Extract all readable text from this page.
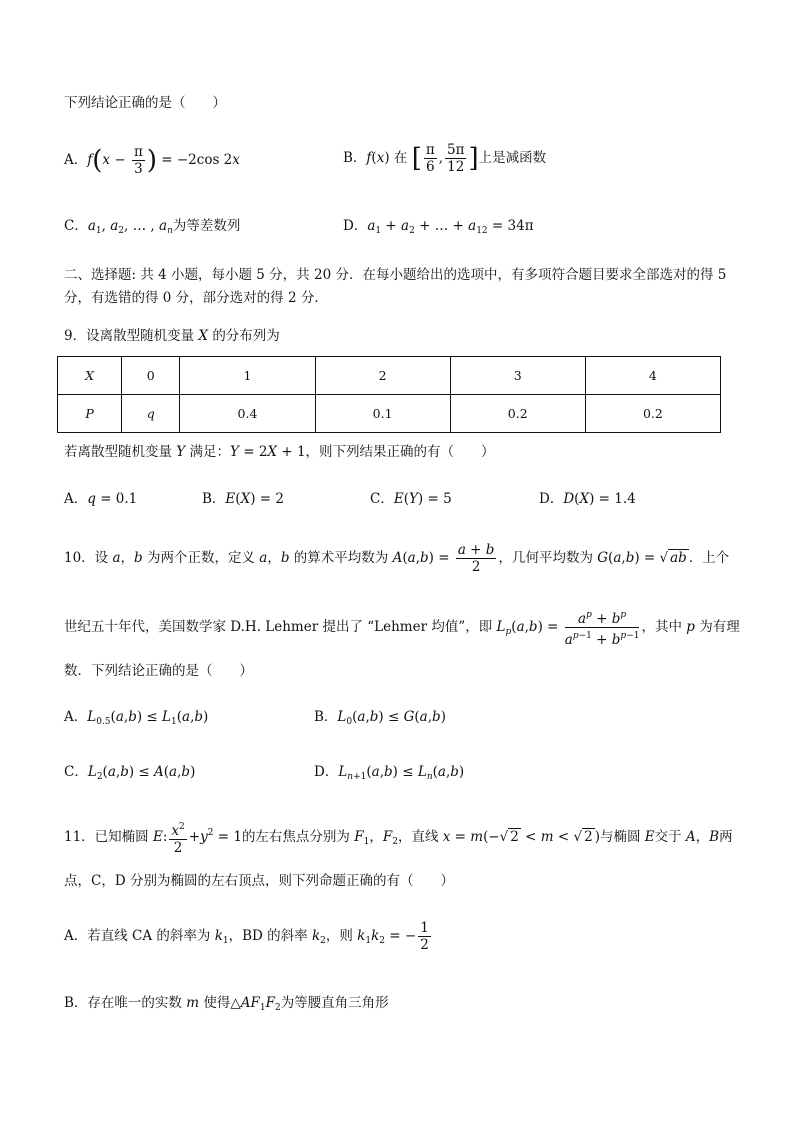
下列结论正确的是（　　）
A．$f(x - \frac{\pi}{3}$ ) = −2cos 2x	B．f(x) 在 [ $\frac{\pi}{6}$ , $\frac{5\pi}{12}$ ]上是减函数
C．$a_1$, $a_2$, … , $a_n$为等差数列	D．$a_1 + a_2$ + … + $a_{12} = 34\pi$
二、选择题: 共 4 小题，每小题 5 分，共 20 分．在每小题给出的选项中，有多项符合题目要求全部选对的得 5
分，有选错的得 0 分，部分选对的得 2 分．
9．设离散型随机变量 X 的分布列为
X	0	1	2	3	4
P	q	0.4	0.1	0.2	0.2
若离散型随机变量 Y 满足：Y = 2X + 1，则下列结果正确的有（　　）
A．q = 0.1	B．E(X) = 2	C．E(Y) = 5	D．D(X) = 1.4
10．设 a，b 为两个正数，定义 a，b 的算术平均数为 $A(a,b) = \frac{a + b}{2}$ ，几何平均数为 G(a,b) = √ ab ．上个
世纪五十年代，美国数学家 D.H. Lehmer 提出了 “Lehmer 均值”，即 $L_p(a,b) = \frac{a^p + b^p}{a^{p-1} + b^{p-1}}$ ，其中 p 为有理
数．下列结论正确的是（　　）
A．$L_{0.5}(a,b) \le L_1(a,b)$	B．$L_0(a,b) \le G(a,b)$
C．$L_2(a,b) \le A(a,b)$	D．$L_{n+1}(a,b) \le L_n(a,b)$
11．已知椭圆 E: $\frac{x^2}{2} +y^2 = 1$的左右焦点分别为 $F_1$，$F_2$，直线 x = m(−√ 2 < m < √ 2 )与椭圆 E交于 A，B两
点，C，D 分别为椭圆的左右顶点，则下列命题正确的有（　　）
A．若直线 CA 的斜率为 $k_1$，BD 的斜率 $k_2$，则 $k_1k_2$ = − $\frac{1}{2}$
B．存在唯一的实数 m 使得$\triangle AF_1F_2$为等腰直角三角形
